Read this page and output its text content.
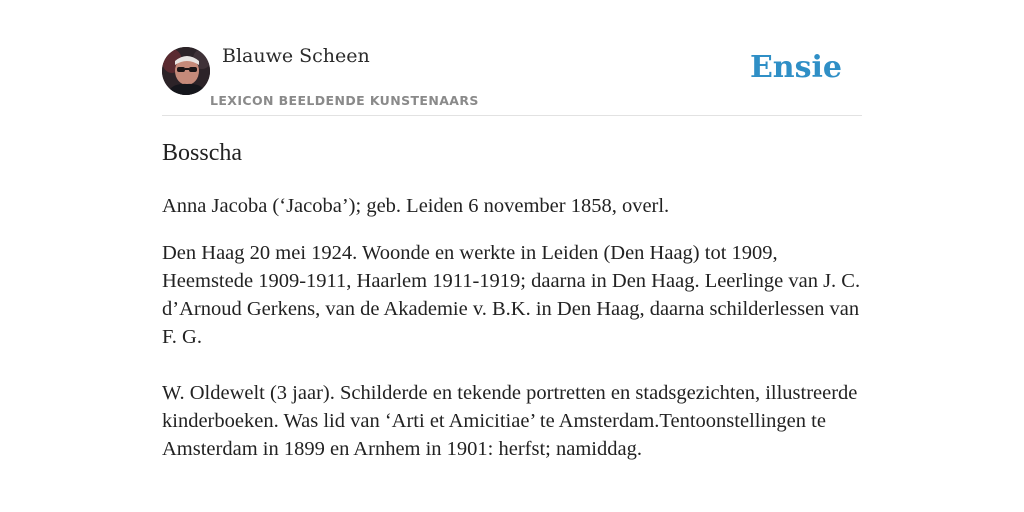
Blauwe Scheen
LEXICON BEELDENDE KUNSTENAARS
Ensie
Bosscha
Anna Jacoba (‘Jacoba’); geb. Leiden 6 november 1858, overl.
Den Haag 20 mei 1924. Woonde en werkte in Leiden (Den Haag) tot 1909, Heemstede 1909-1911, Haarlem 1911-1919; daarna in Den Haag. Leerlinge van J. C. d’Arnoud Gerkens, van de Akademie v. B.K. in Den Haag, daarna schilderlessen van F. G.
W. Oldewelt (3 jaar). Schilderde en tekende portretten en stadsgezichten, illustreerde kinderboeken. Was lid van ‘Arti et Amicitiae’ te Amsterdam.Tentoonstellingen te Amsterdam in 1899 en Arnhem in 1901: herfst; namiddag.
